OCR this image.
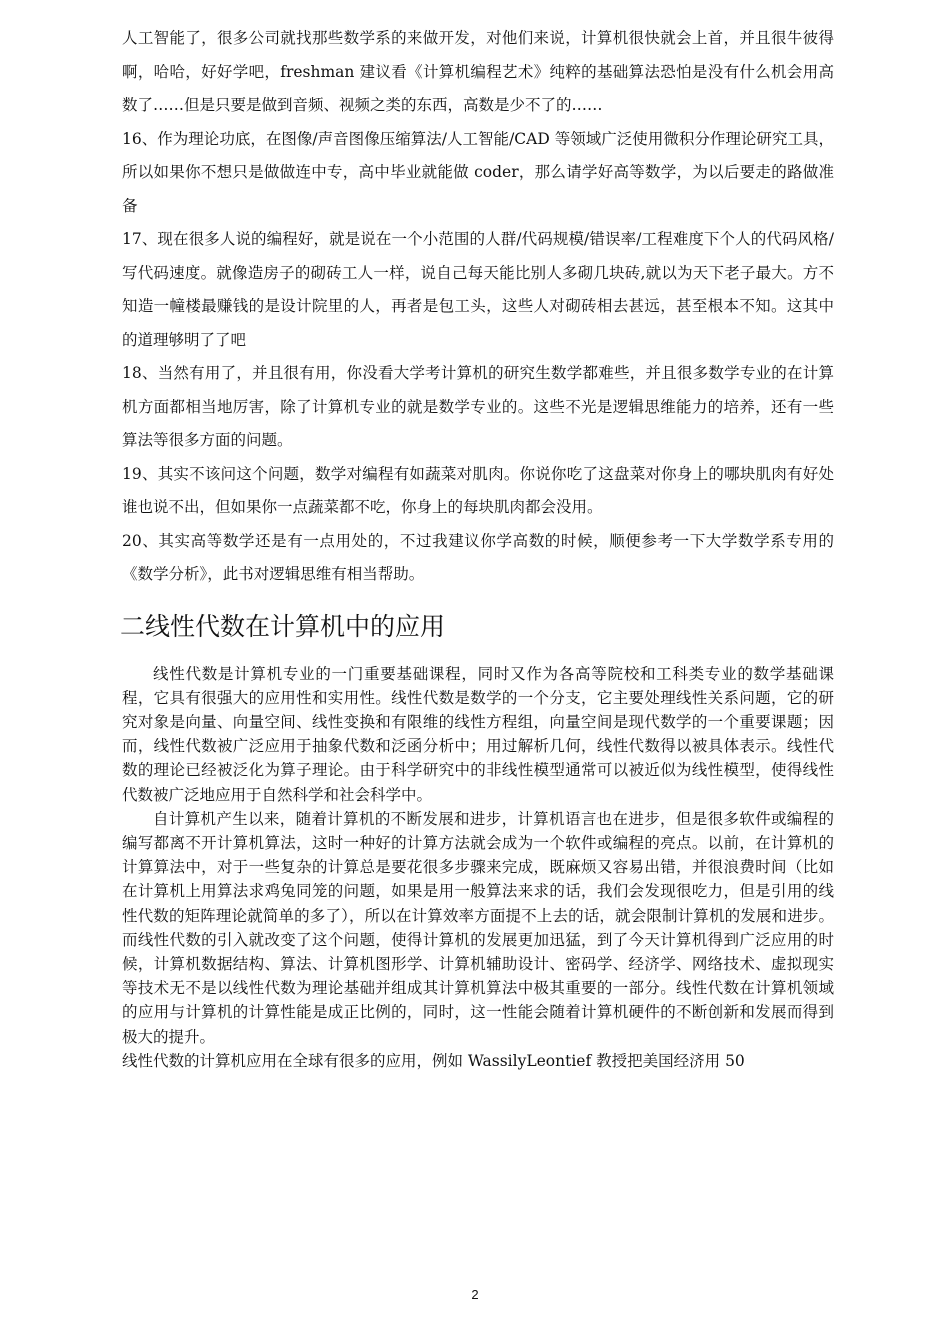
人工智能了，很多公司就找那些数学系的来做开发，对他们来说，计算机很快就会上首，并且很牛彼得啊，哈哈，好好学吧，freshman 建议看《计算机编程艺术》纯粹的基础算法恐怕是没有什么机会用高数了……但是只要是做到音频、视频之类的东西，高数是少不了的……

16、作为理论功底，在图像/声音图像压缩算法/人工智能/CAD 等领域广泛使用微积分作理论研究工具，所以如果你不想只是做做连中专，高中毕业就能做 coder，那么请学好高等数学，为以后要走的路做准备

17、现在很多人说的编程好，就是说在一个小范围的人群/代码规模/错误率/工程难度下个人的代码风格/写代码速度。就像造房子的砌砖工人一样，说自己每天能比别人多砌几块砖,就以为天下老子最大。方不知造一幢楼最赚钱的是设计院里的人，再者是包工头，这些人对砌砖相去甚远，甚至根本不知。这其中的道理够明了了吧

18、当然有用了，并且很有用，你没看大学考计算机的研究生数学都难些，并且很多数学专业的在计算机方面都相当地厉害，除了计算机专业的就是数学专业的。这些不光是逻辑思维能力的培养，还有一些算法等很多方面的问题。

19、其实不该问这个问题，数学对编程有如蔬菜对肌肉。你说你吃了这盘菜对你身上的哪块肌肉有好处谁也说不出，但如果你一点蔬菜都不吃，你身上的每块肌肉都会没用。

20、其实高等数学还是有一点用处的，不过我建议你学高数的时候，顺便参考一下大学数学系专用的《数学分析》，此书对逻辑思维有相当帮助。

二线性代数在计算机中的应用

线性代数是计算机专业的一门重要基础课程，同时又作为各高等院校和工科类专业的数学基础课程，它具有很强大的应用性和实用性。线性代数是数学的一个分支，它主要处理线性关系问题，它的研究对象是向量、向量空间、线性变换和有限维的线性方程组，向量空间是现代数学的一个重要课题；因而，线性代数被广泛应用于抽象代数和泛函分析中；用过解析几何，线性代数得以被具体表示。线性代数的理论已经被泛化为算子理论。由于科学研究中的非线性模型通常可以被近似为线性模型，使得线性代数被广泛地应用于自然科学和社会科学中。

自计算机产生以来，随着计算机的不断发展和进步，计算机语言也在进步，但是很多软件或编程的编写都离不开计算机算法，这时一种好的计算方法就会成为一个软件或编程的亮点。以前，在计算机的计算算法中，对于一些复杂的计算总是要花很多步骤来完成，既麻烦又容易出错，并很浪费时间（比如在计算机上用算法求鸡兔同笼的问题，如果是用一般算法来求的话，我们会发现很吃力，但是引用的线性代数的矩阵理论就简单的多了），所以在计算效率方面提不上去的话，就会限制计算机的发展和进步。而线性代数的引入就改变了这个问题，使得计算机的发展更加迅猛，到了今天计算机得到广泛应用的时候，计算机数据结构、算法、计算机图形学、计算机辅助设计、密码学、经济学、网络技术、虚拟现实等技术无不是以线性代数为理论基础并组成其计算机算法中极其重要的一部分。线性代数在计算机领域的应用与计算机的计算性能是成正比例的，同时，这一性能会随着计算机硬件的不断创新和发展而得到极大的提升。

线性代数的计算机应用在全球有很多的应用，例如 WassilyLeontief 教授把美国经济用 50

2
